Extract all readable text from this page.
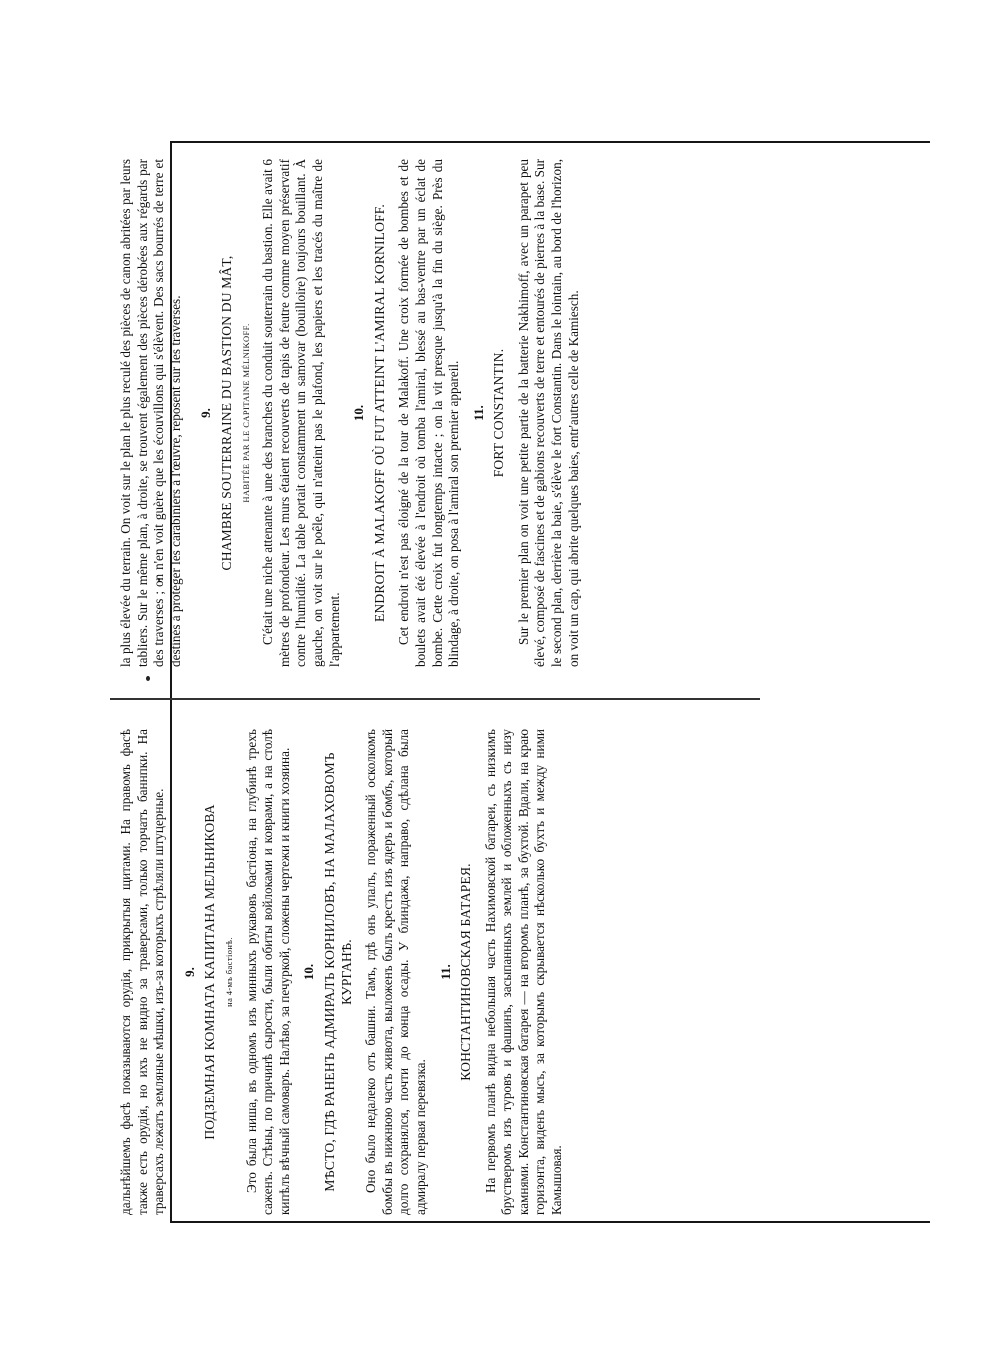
дальнѣйшемъ фасѣ показываются орудія, прикрытыя щитами. На правомъ фасѣ также есть орудія, но ихъ не видно за траверсами, только торчатъ баннпки. На траверсахъ лежатъ земляные мѣшки, изъ-за которыхъ стрѣляли штуцерные. 9. ПОДЗЕМНАЯ КОМНАТА КАПИТАНА МЕЛЬНИКОВА на 4-мъ бастіонѣ. Это была ниша, въ одномъ изъ минныхъ рукавовъ бастіона, на глубинѣ трехъ саженъ. Стѣны, по причинѣ сырости, были обиты войлоками и коврами, а на столѣ кипѣлъ вѣчный самоваръ. Налѣво, за печуркой, сложены чертежи и книги хозяина. 10. МѢСТО, ГДѢ РАНЕНЪ АДМИРАЛЪ КОРНИЛОВЪ, НА МАЛАХОВОМЪ КУРГАНѢ. Оно было недалеко отъ башни. Тамъ, гдѣ онъ упалъ, пораженный осколкомъ бомбы въ нижнюю часть живота, выложенъ былъ крестъ изъ ядеръ и бомбъ, который долго сохранялся, почти до конца осады. У блиндажа, направо, сдѣлана была адмиралу первая перевязка.

11. КОНСТАНТИНОВСКАЯ БАТАРЕЯ. На первомъ планѣ видна небольшая часть Нахимовской батареи, съ низкимъ бруствeромъ изъ туровъ и фашинъ, засыпанныхъ землей и обложенныхъ съ низу камнями. Константиновская батарея — на второмъ планѣ, за бухтой. Вдали, на краю горизонта, виденъ мысъ, за которымъ скрывается нѣсколько бухтъ и между ними Камышовая.

la plus élevée du terrain. On voit sur le plan le plus reculé des pièces de canon abritées par leurs tabliers. Sur le même plan, à droite, se trouvent également des pièces dérobées aux régards par des traverses ; on n'en voit guère que les écouvillons qui s'élèvent. Des sacs bourrés de terre et destinés à protéger les carabiniers à l'œuvre, reposent sur les traverses. 9. CHAMBRE SOUTERRAINE DU BASTION DU MÂT, HABITÉE PAR LE CAPITAINE MÉLNIKOFF. C'était une niche attenante à une des branches du conduit souterrain du bastion. Elle avait 6 mètres de profondeur. Les murs étaient recouverts de tapis de feutre comme moyen préservatif contre l'humidité. La table portait constamment un samovar (bouilloire) toujours bouillant. À gauche, on voit sur le poêle, qui n'atteint pas le plafond, les papiers et les tracés du maître de l'appartement.

10. ENDROIT À MALAKOFF OÙ FUT ATTEINT L'AMIRAL KORNILOFF. Cet endroit n'est pas éloigné de la tour de Malakoff. Une croix formée de bombes et de boulets avait été élevée à l'endroit où tomba l'amiral, blessé au bas-ventre par un éclat de bombe. Cette croix fut longtemps intacte ; on la vit presque jusqu'à la fin du siège. Près du blindage, à droite, on posa à l'amiral son premier appareil. 11. FORT CONSTANTIN. Sur le premier plan on voit une petite partie de la batterie Nakhimoff, avec un parapet peu élevé, composé de fascines et de gabions recouverts de terre et entourés de pierres à la base. Sur le second plan, derrière la baie, s'élève le fort Constantin. Dans le lointain, au bord de l'horizon, on voit un cap, qui abrite quelques baies, entr'autres celle de Kamiesch.
